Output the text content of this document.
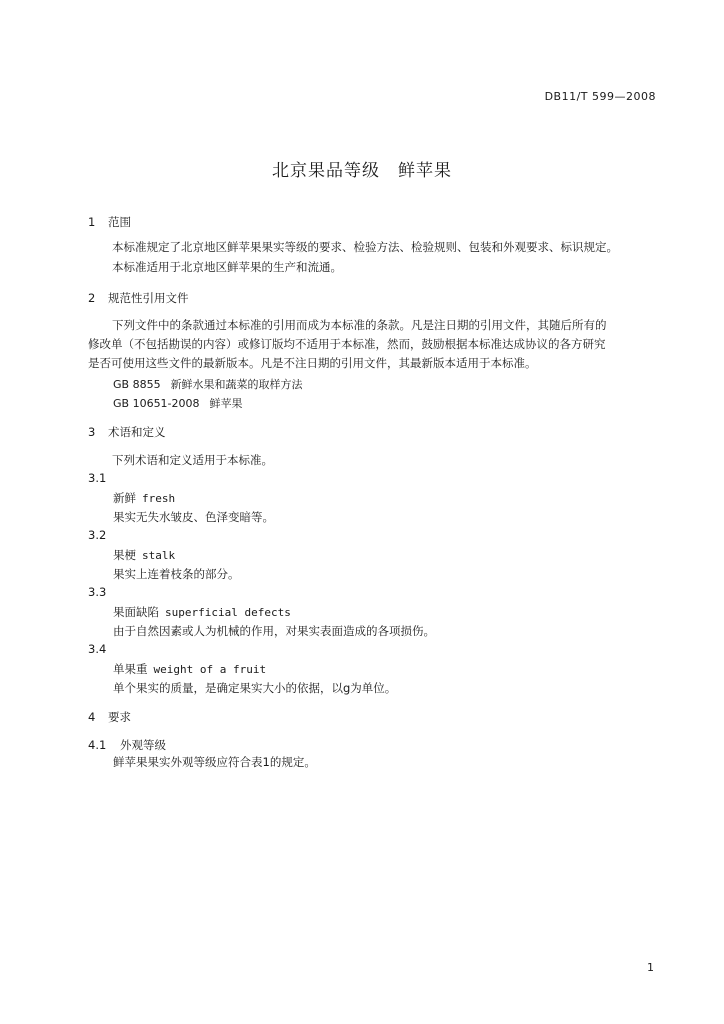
DB11/T 599—2008
北京果品等级　鲜苹果
1 范围
本标准规定了北京地区鲜苹果果实等级的要求、检验方法、检验规则、包装和外观要求、标识规定。
本标准适用于北京地区鲜苹果的生产和流通。
2 规范性引用文件
下列文件中的条款通过本标准的引用而成为本标准的条款。凡是注日期的引用文件，其随后所有的
修改单（不包括勘误的内容）或修订版均不适用于本标准，然而，鼓励根据本标准达成协议的各方研究
是否可使用这些文件的最新版本。凡是不注日期的引用文件，其最新版本适用于本标准。
GB 8855 新鲜水果和蔬菜的取样方法
GB 10651-2008 鲜苹果
3 术语和定义
下列术语和定义适用于本标准。
3.1
新鲜 fresh
果实无失水皱皮、色泽变暗等。
3.2
果梗 stalk
果实上连着枝条的部分。
3.3
果面缺陷 superficial defects
由于自然因素或人为机械的作用，对果实表面造成的各项损伤。
3.4
单果重 weight of a fruit
单个果实的质量，是确定果实大小的依据，以g为单位。
4 要求
4.1 外观等级
鲜苹果果实外观等级应符合表1的规定。
1
